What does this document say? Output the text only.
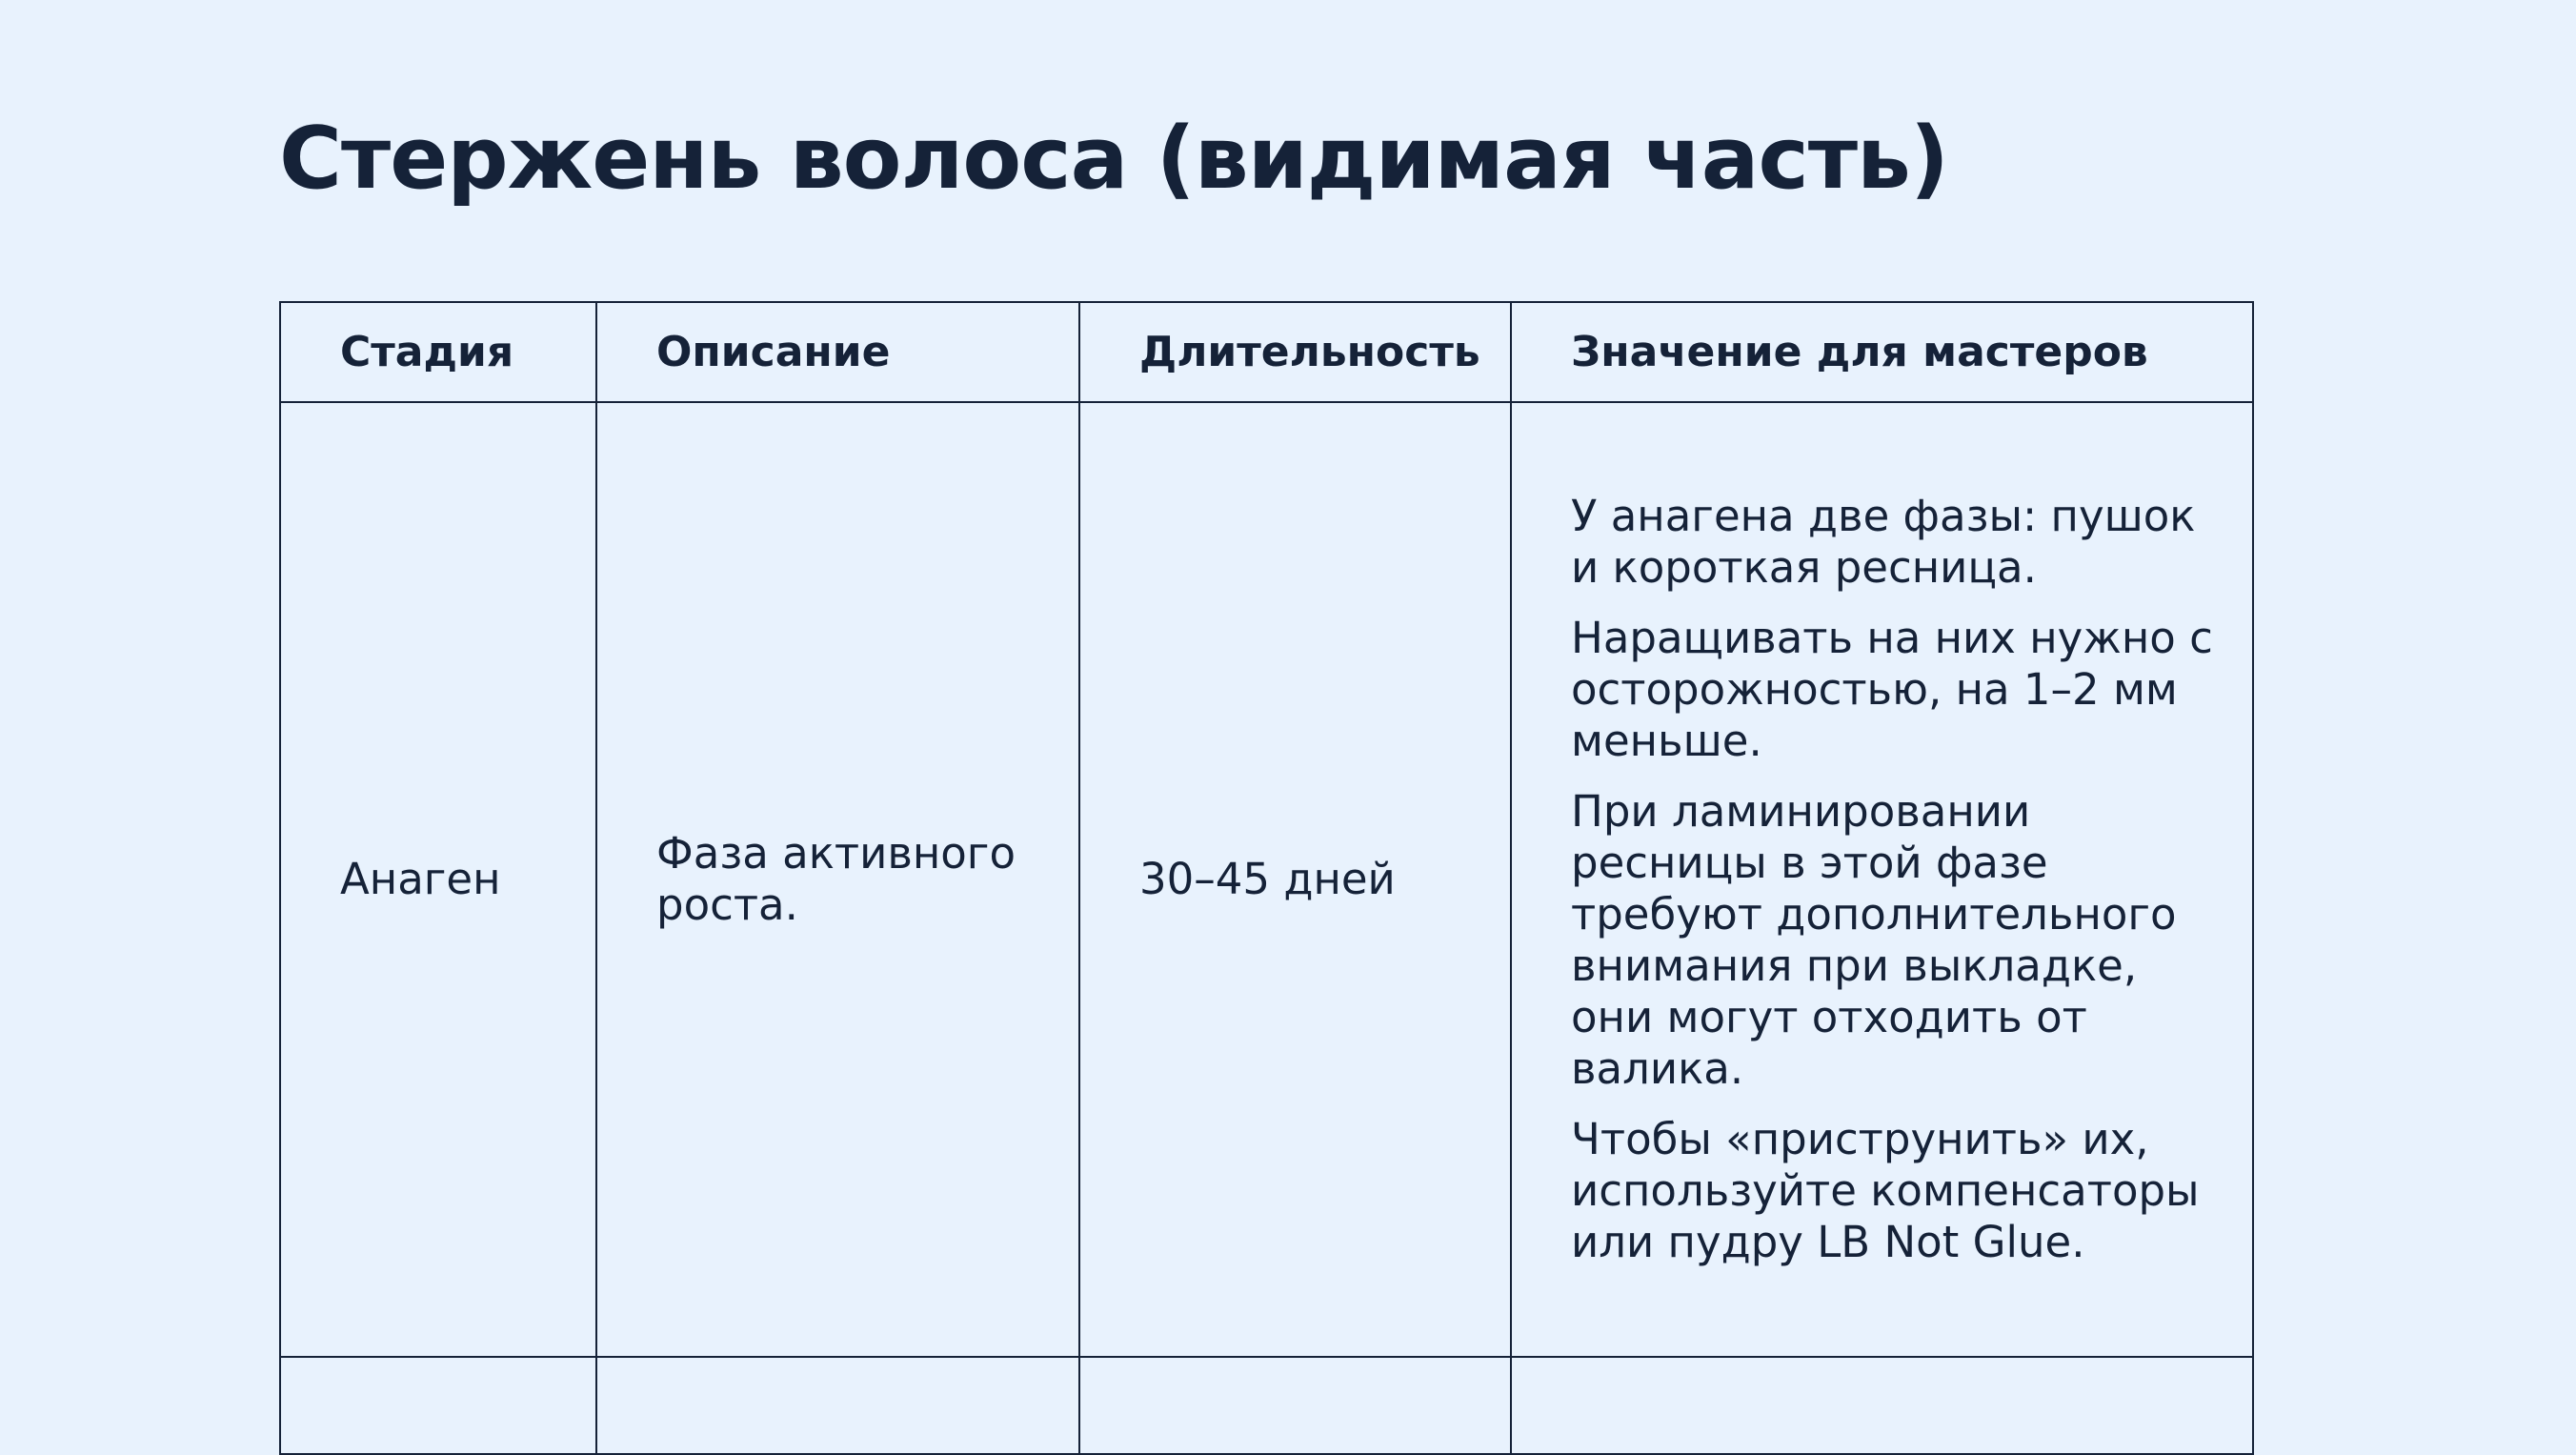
Стержень волоса (видимая часть)
Стадия	Описание	Длительность	Значение для мастеров
Анаген	Фаза активного роста.	30–45 дней	У анагена две фазы: пушок и короткая ресница.

Наращивать на них нужно с осторожностью, на 1–2 мм меньше.

При ламинировании ресницы в этой фазе требуют дополнительного внимания при выкладке, они могут отходить от валика.

Чтобы «приструнить» их, используйте компенсаторы или пудру LB Not Glue.
